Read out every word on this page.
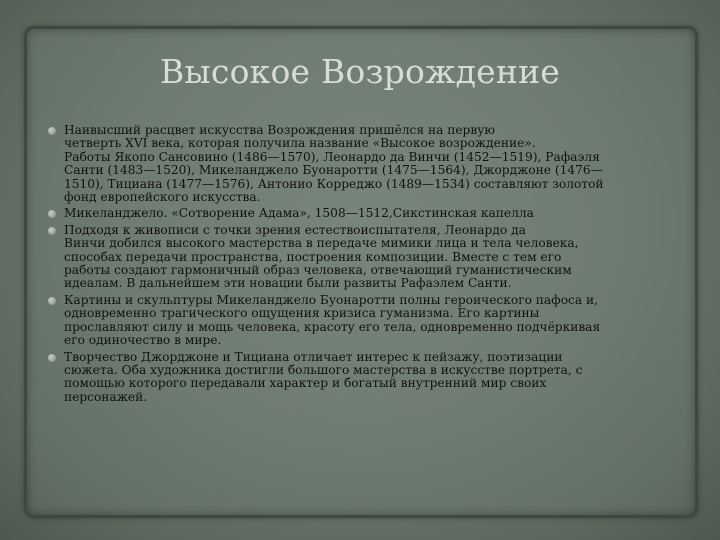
Высокое Возрождение
Наивысший расцвет искусства Возрождения пришёлся на первую
четверть XVI века, которая получила название «Высокое возрождение».
Работы Якопо Сансовино (1486—1570), Леонардо да Винчи (1452—1519), Рафаэля
Санти (1483—1520), Микеланджело Буонаротти (1475—1564), Джорджоне (1476—
1510), Тициана (1477—1576), Антонио Корреджо (1489—1534) составляют золотой
фонд европейского искусства.
Микеланджело. «Сотворение Адама», 1508—1512,Сикстинская капелла
Подходя к живописи с точки зрения естествоиспытателя, Леонардо да
Винчи добился высокого мастерства в передаче мимики лица и тела человека,
способах передачи пространства, построения композиции. Вместе с тем его
работы создают гармоничный образ человека, отвечающий гуманистическим
идеалам. В дальнейшем эти новации были развиты Рафаэлем Санти.
Картины и скульптуры Микеланджело Буонаротти полны героического пафоса и,
одновременно трагического ощущения кризиса гуманизма. Его картины
прославляют силу и мощь человека, красоту его тела, одновременно подчёркивая
его одиночество в мире.
Творчество Джорджоне и Тициана отличает интерес к пейзажу, поэтизации
сюжета. Оба художника достигли большого мастерства в искусстве портрета, с
помощью которого передавали характер и богатый внутренний мир своих
персонажей.
